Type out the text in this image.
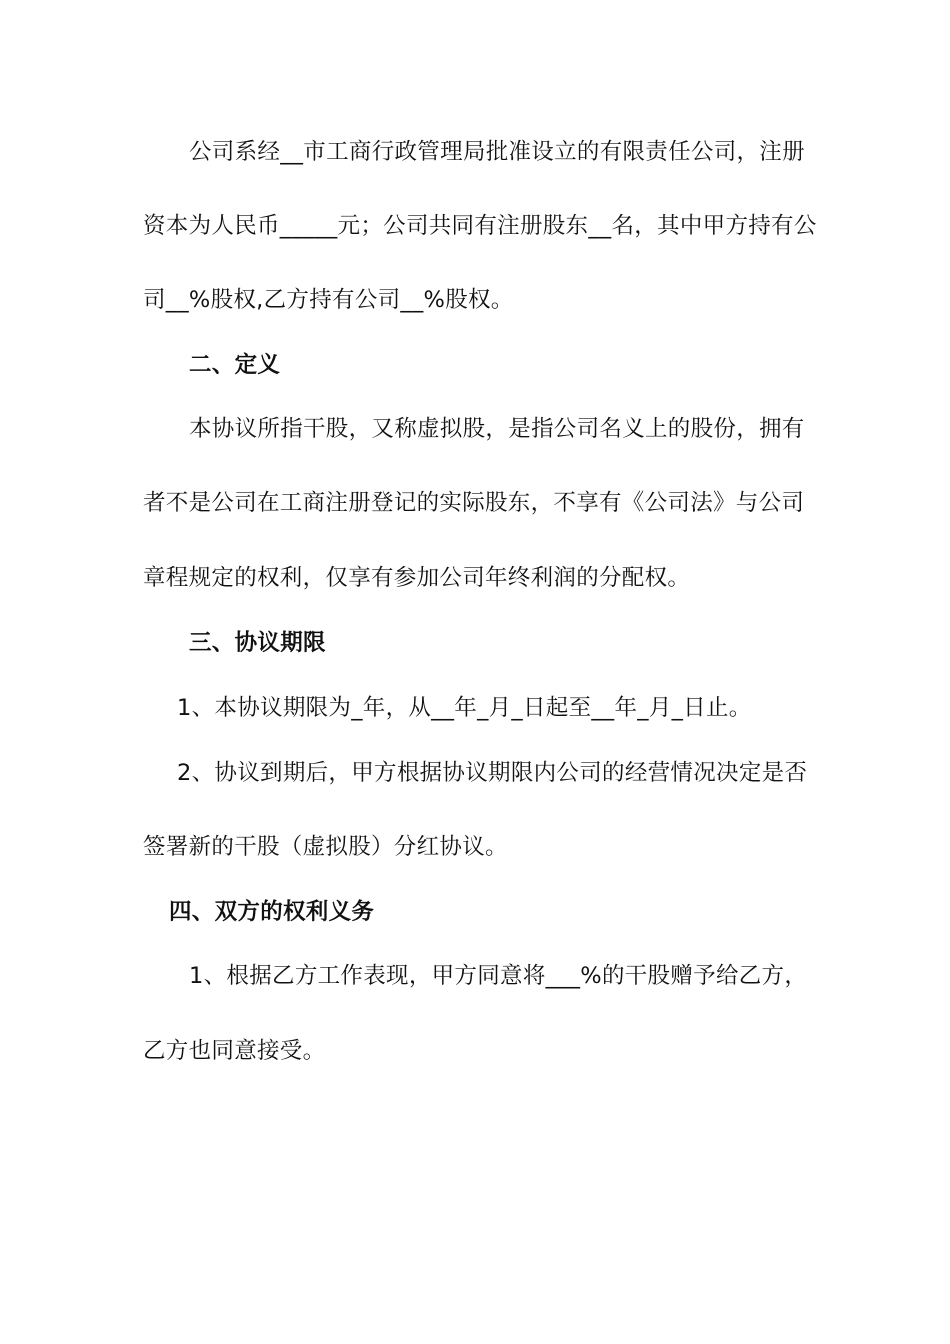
公司系经__市工商行政管理局批准设立的有限责任公司，注册
资本为人民币_____元；公司共同有注册股东__名，其中甲方持有公
司__%股权,乙方持有公司__%股权。
二、定义
本协议所指干股，又称虚拟股，是指公司名义上的股份，拥有
者不是公司在工商注册登记的实际股东，不享有《公司法》与公司
章程规定的权利，仅享有参加公司年终利润的分配权。
三、协议期限
1、本协议期限为_年，从__年_月_日起至__年_月_日止。
2、协议到期后，甲方根据协议期限内公司的经营情况决定是否
签署新的干股（虚拟股）分红协议。
四、双方的权利义务
1、根据乙方工作表现，甲方同意将___%的干股赠予给乙方，
乙方也同意接受。
